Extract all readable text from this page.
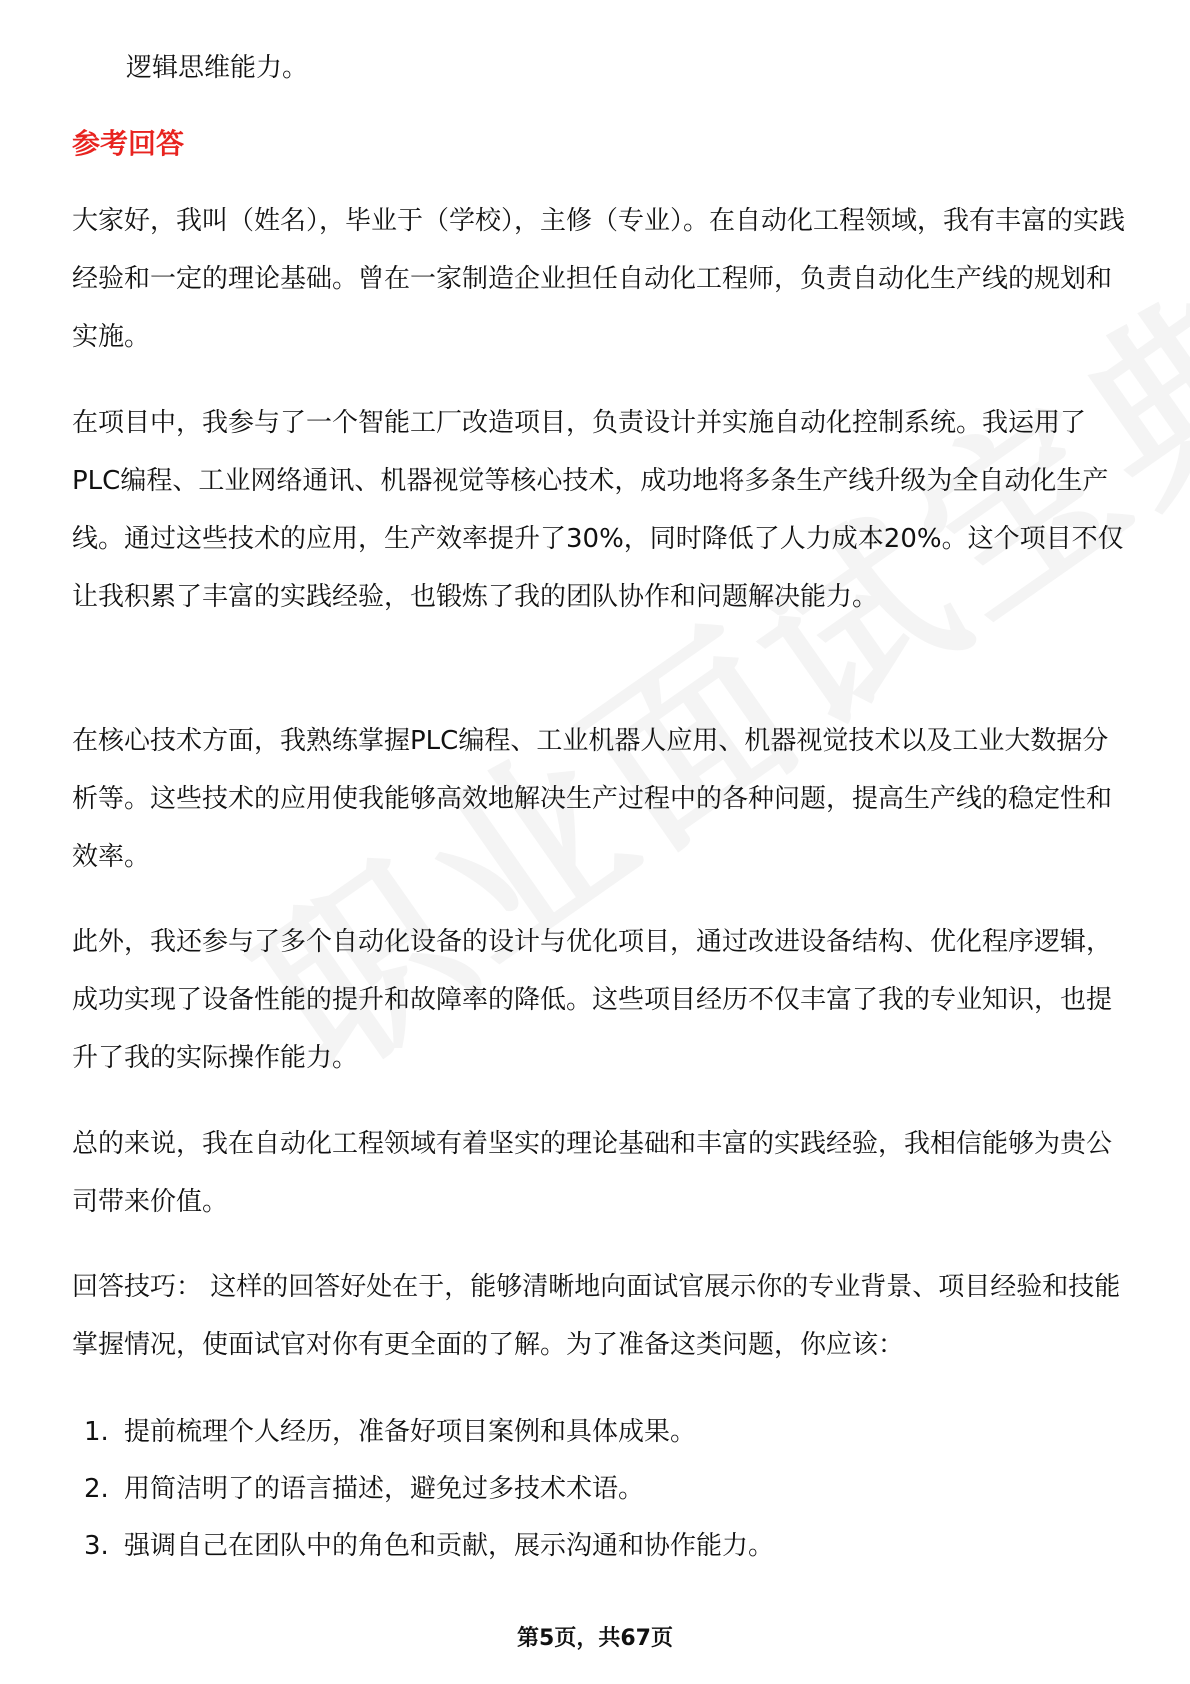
逻辑思维能力。
参考回答

大家好，我叫（姓名），毕业于（学校），主修（专业）。在自动化工程领域，我有丰富的实践经验和一定的理论基础。曾在一家制造企业担任自动化工程师，负责自动化生产线的规划和实施。

在项目中，我参与了一个智能工厂改造项目，负责设计并实施自动化控制系统。我运用了PLC编程、工业网络通讯、机器视觉等核心技术，成功地将多条生产线升级为全自动化生产线。通过这些技术的应用，生产效率提升了30%，同时降低了人力成本20%。这个项目不仅让我积累了丰富的实践经验，也锻炼了我的团队协作和问题解决能力。

在核心技术方面，我熟练掌握PLC编程、工业机器人应用、机器视觉技术以及工业大数据分析等。这些技术的应用使我能够高效地解决生产过程中的各种问题，提高生产线的稳定性和效率。

此外，我还参与了多个自动化设备的设计与优化项目，通过改进设备结构、优化程序逻辑，成功实现了设备性能的提升和故障率的降低。这些项目经历不仅丰富了我的专业知识，也提升了我的实际操作能力。

总的来说，我在自动化工程领域有着坚实的理论基础和丰富的实践经验，我相信能够为贵公司带来价值。

回答技巧： 这样的回答好处在于，能够清晰地向面试官展示你的专业背景、项目经验和技能掌握情况，使面试官对你有更全面的了解。为了准备这类问题，你应该：

1. 提前梳理个人经历，准备好项目案例和具体成果。
2. 用简洁明了的语言描述，避免过多技术术语。
3. 强调自己在团队中的角色和贡献，展示沟通和协作能力。
第5页，共67页
